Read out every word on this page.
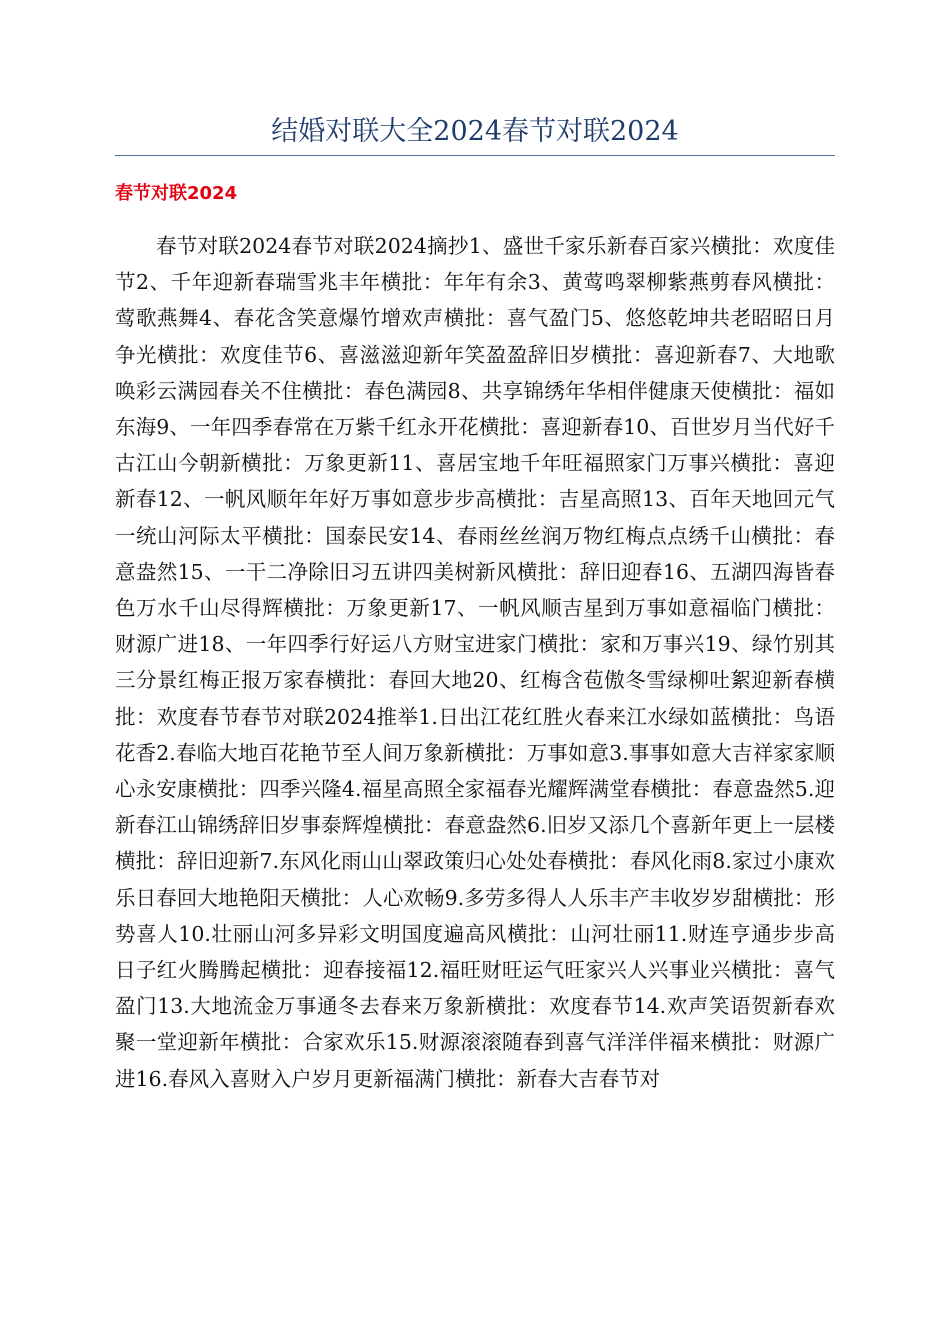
结婚对联大全2024春节对联2024
春节对联2024

春节对联2024春节对联2024摘抄1、盛世千家乐新春百家兴横批：欢度佳节2、千年迎新春瑞雪兆丰年横批：年年有余3、黄莺鸣翠柳紫燕剪春风横批：莺歌燕舞4、春花含笑意爆竹增欢声横批：喜气盈门5、悠悠乾坤共老昭昭日月争光横批：欢度佳节6、喜滋滋迎新年笑盈盈辞旧岁横批：喜迎新春7、大地歌唤彩云满园春关不住横批：春色满园8、共享锦绣年华相伴健康天使横批：福如东海9、一年四季春常在万紫千红永开花横批：喜迎新春10、百世岁月当代好千古江山今朝新横批：万象更新11、喜居宝地千年旺福照家门万事兴横批：喜迎新春12、一帆风顺年年好万事如意步步高横批：吉星高照13、百年天地回元气一统山河际太平横批：国泰民安14、春雨丝丝润万物红梅点点绣千山横批：春意盎然15、一干二净除旧习五讲四美树新风横批：辞旧迎春16、五湖四海皆春色万水千山尽得辉横批：万象更新17、一帆风顺吉星到万事如意福临门横批：财源广进18、一年四季行好运八方财宝进家门横批：家和万事兴19、绿竹别其三分景红梅正报万家春横批：春回大地20、红梅含苞傲冬雪绿柳吐絮迎新春横批：欢度春节春节对联2024推举1.日出江花红胜火春来江水绿如蓝横批：鸟语花香2.春临大地百花艳节至人间万象新横批：万事如意3.事事如意大吉祥家家顺心永安康横批：四季兴隆4.福星高照全家福春光耀辉满堂春横批：春意盎然5.迎新春江山锦绣辞旧岁事泰辉煌横批：春意盎然6.旧岁又添几个喜新年更上一层楼横批：辞旧迎新7.东风化雨山山翠政策归心处处春横批：春风化雨8.家过小康欢乐日春回大地艳阳天横批：人心欢畅9.多劳多得人人乐丰产丰收岁岁甜横批：形势喜人10.壮丽山河多异彩文明国度遍高风横批：山河壮丽11.财连亨通步步高日子红火腾腾起横批：迎春接福12.福旺财旺运气旺家兴人兴事业兴横批：喜气盈门13.大地流金万事通冬去春来万象新横批：欢度春节14.欢声笑语贺新春欢聚一堂迎新年横批：合家欢乐15.财源滚滚随春到喜气洋洋伴福来横批：财源广进16.春风入喜财入户岁月更新福满门横批：新春大吉春节对
